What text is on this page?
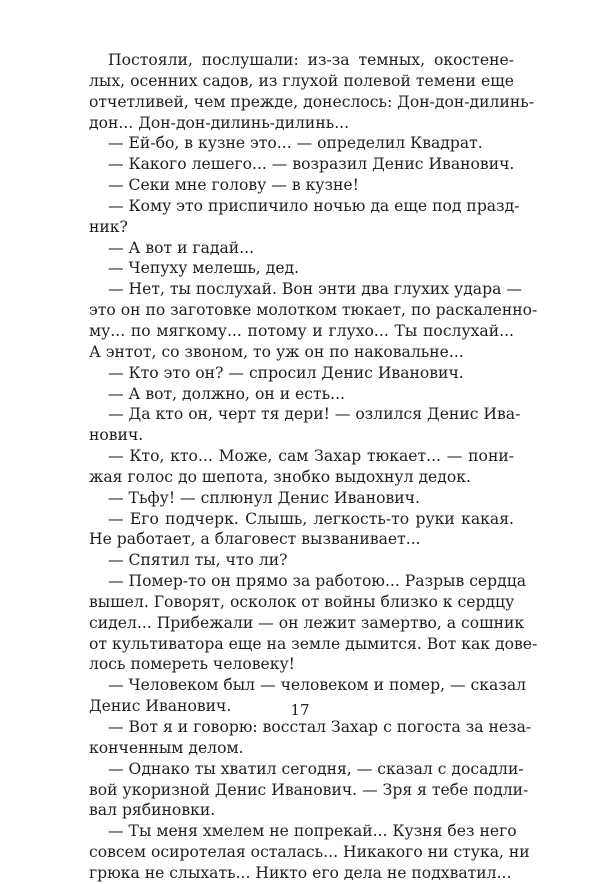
Постояли, послушали: из-за темных, окостене-
лых, осенних садов, из глухой полевой темени еще
отчетливей, чем прежде, донеслось: Дон-дон-дилинь-
дон... Дон-дон-дилинь-дилинь...
— Ей-бо, в кузне это... — определил Квадрат.
— Какого лешего... — возразил Денис Иванович.
— Секи мне голову — в кузне!
— Кому это приспичило ночью да еще под празд-
ник?
— А вот и гадай...
— Чепуху мелешь, дед.
— Нет, ты послухай. Вон энти два глухих удара —
это он по заготовке молотком тюкает, по раскаленно-
му... по мягкому... потому и глухо... Ты послухай...
А энтот, со звоном, то уж он по наковальне...
— Кто это он? — спросил Денис Иванович.
— А вот, должно, он и есть...
— Да кто он, черт тя дери! — озлился Денис Ива-
нович.
— Кто, кто... Може, сам Захар тюкает... — пони-
жая голос до шепота, знобко выдохнул дедок.
— Тьфу! — сплюнул Денис Иванович.
— Его подчерк. Слышь, легкость-то руки какая.
Не работает, а благовест вызванивает...
— Спятил ты, что ли?
— Помер-то он прямо за работою... Разрыв сердца
вышел. Говорят, осколок от войны близко к сердцу
сидел... Прибежали — он лежит замертво, а сошник
от культиватора еще на земле дымится. Вот как дове-
лось помереть человеку!
— Человеком был — человеком и помер, — сказал
Денис Иванович.
— Вот я и говорю: восстал Захар с погоста за неза-
конченным делом.
— Однако ты хватил сегодня, — сказал с досадли-
вой укоризной Денис Иванович. — Зря я тебе подли-
вал рябиновки.
— Ты меня хмелем не попрекай... Кузня без него
совсем осиротелая осталась... Никакого ни стука, ни
грюка не слыхать... Никто его дела не подхватил...
17
